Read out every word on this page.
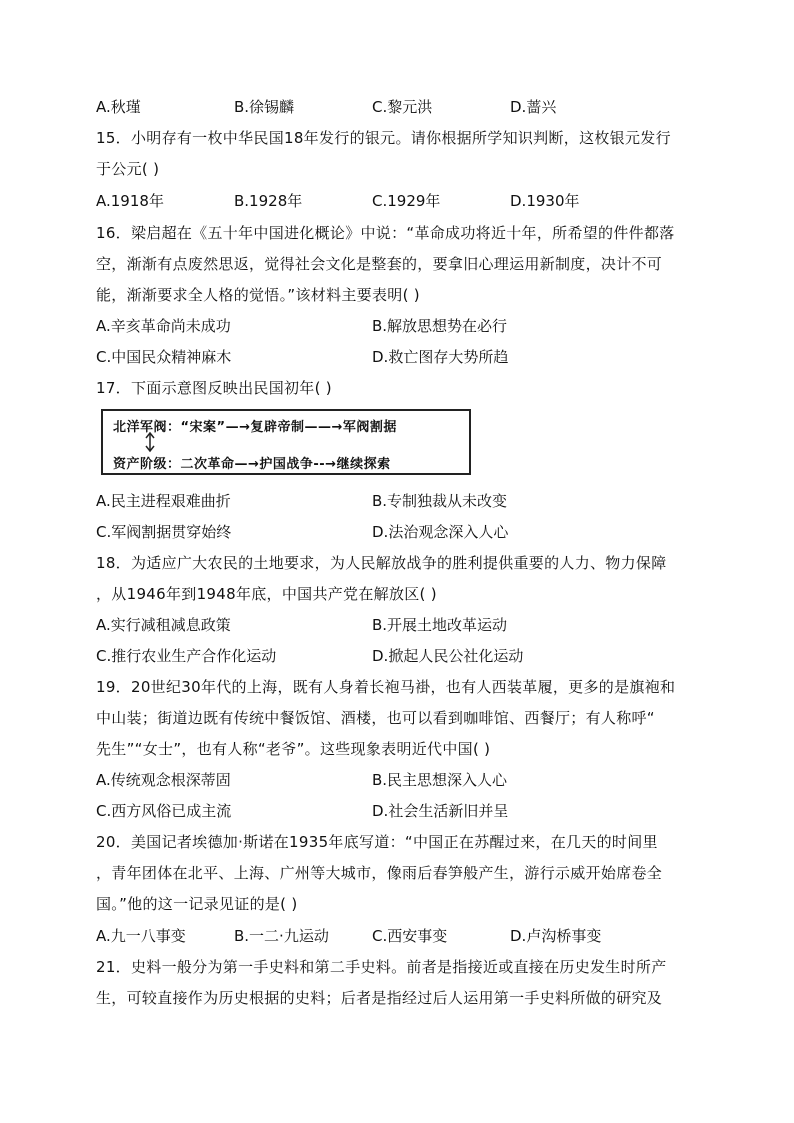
A.秋瑾	B.徐锡麟	C.黎元洪	D.蔷兴
15．小明存有一枚中华民国18年发行的银元。请你根据所学知识判断，这枚银元发行
于公元( )
A.1918年	B.1928年	C.1929年	D.1930年
16．梁启超在《五十年中国进化概论》中说：“革命成功将近十年，所希望的件件都落
空，渐渐有点废然思返，觉得社会文化是整套的，要拿旧心理运用新制度，决计不可
能，渐渐要求全人格的觉悟。”该材料主要表明( )
A.辛亥革命尚未成功	B.解放思想势在必行
C.中国民众精神麻木	D.救亡图存大势所趋
17．下面示意图反映出民国初年( )
北洋军阀：“宋案”—→复辟帝制——→军阀割据
资产阶级：二次革命—→护国战争--→继续探索
A.民主进程艰难曲折	B.专制独裁从未改变
C.军阀割据贯穿始终	D.法治观念深入人心
18．为适应广大农民的土地要求，为人民解放战争的胜利提供重要的人力、物力保障
，从1946年到1948年底，中国共产党在解放区( )
A.实行减租减息政策	B.开展土地改革运动
C.推行农业生产合作化运动	D.掀起人民公社化运动
19．20世纪30年代的上海，既有人身着长袍马褂，也有人西装革履，更多的是旗袍和
中山装；街道边既有传统中餐饭馆、酒楼，也可以看到咖啡馆、西餐厅；有人称呼“
先生”“女士”，也有人称“老爷”。这些现象表明近代中国( )
A.传统观念根深蒂固	B.民主思想深入人心
C.西方风俗已成主流	D.社会生活新旧并呈
20．美国记者埃德加·斯诺在1935年底写道：“中国正在苏醒过来，在几天的时间里
，青年团体在北平、上海、广州等大城市，像雨后春笋般产生，游行示威开始席卷全
国。”他的这一记录见证的是( )
A.九一八事变	B.一二·九运动	C.西安事变	D.卢沟桥事变
21．史料一般分为第一手史料和第二手史料。前者是指接近或直接在历史发生时所产
生，可较直接作为历史根据的史料；后者是指经过后人运用第一手史料所做的研究及
